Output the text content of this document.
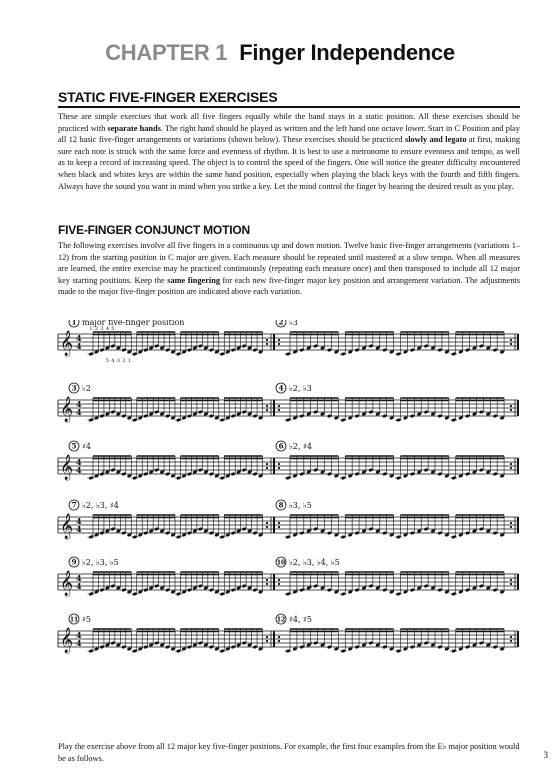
CHAPTER 1 Finger Independence
STATIC FIVE-FINGER EXERCISES
These are simple exercises that work all five fingers equally while the hand stays in a static position. All these exercises should be practiced with separate hands. The right hand should be played as written and the left hand one octave lower. Start in C Position and play all 12 basic five-finger arrangements or variations (shown below). These exercises should be practiced slowly and legato at first, making sure each note is struck with the same force and evenness of rhythm. It is best to use a metronome to ensure evenness and tempo, as well as to keep a record of increasing speed. The object is to control the speed of the fingers. One will notice the greater difficulty encountered when black and whites keys are within the same hand position, especially when playing the black keys with the fourth and fifth fingers. Always have the sound you want in mind when you strike a key. Let the mind control the finger by hearing the desired result as you play.
FIVE-FINGER CONJUNCT MOTION
The following exercises involve all five fingers in a continuous up and down motion. Twelve basic five-finger arrangements (variations 1–12) from the starting position in C major are given. Each measure should be repeated until mastered at a slow tempo. When all measures are learned, the entire exercise may be practiced continuously (repeating each measure once) and then transposed to include all 12 major key starting positions. Keep the same fingering for each new five-finger major key position and arrangement variation. The adjustments made to the major five-finger position are indicated above each variation.
𝄞 4
4
1 major five-finger position
1 2 3 4 5
5 4 3 2 1
2 ♭3
♭
𝄞 4
4
3 ♭2
♭
4 ♭2, ♭3
♭ ♭
𝄞 4
4
5 ♯4
♯
6 ♭2, ♯4
♭
♯
𝄞 4
4
7 ♭2, ♭3, ♯4
♭ ♭ ♯
8 ♭3, ♭5
♭
♭
𝄞 4
4
9 ♭2, ♭3, ♭5
♭ ♭
♭
10 ♭2, ♭3, ♭4, ♭5
♭ ♭ ♭ ♭
𝄞 4
4
11 ♯5
♯
12 ♯4, ♯5
♯ ♯
Play the exercise above from all 12 major key five-finger positions. For example, the first four examples from the E♭ major position would be as follows.	3
